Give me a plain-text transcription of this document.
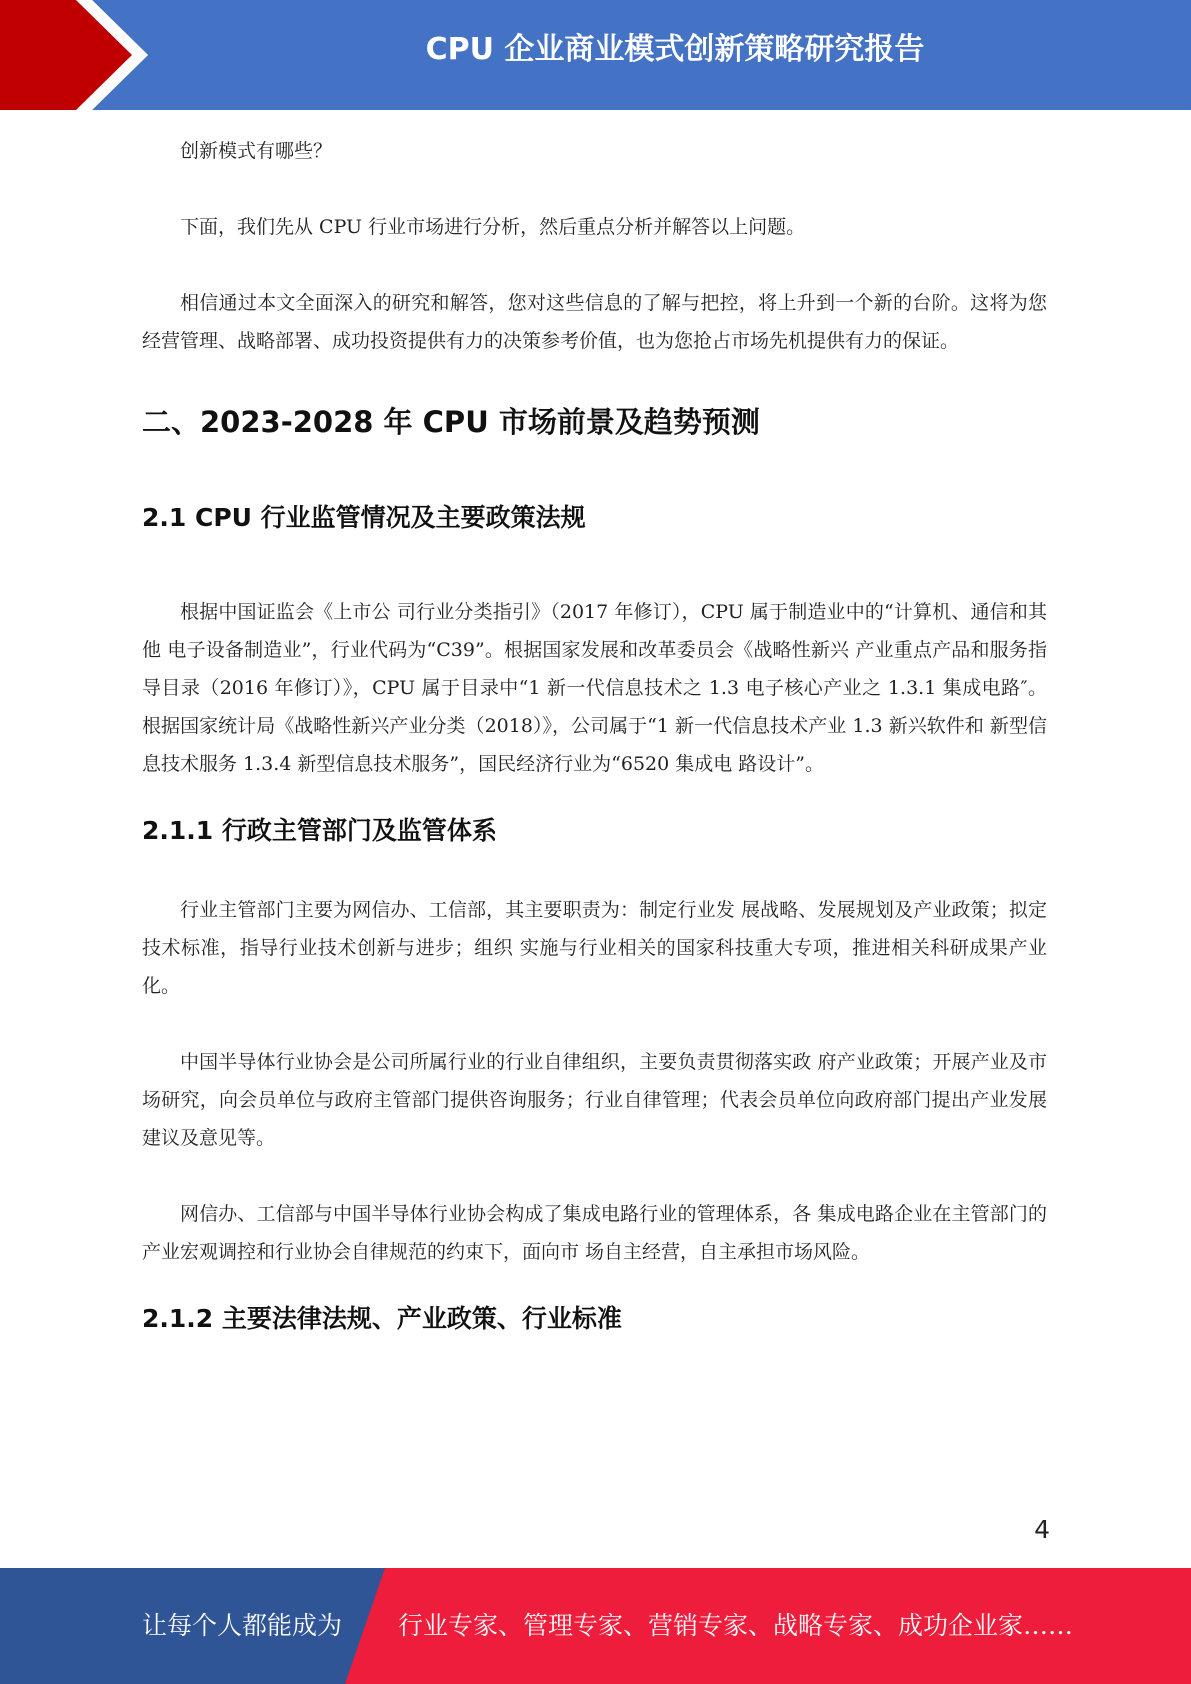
CPU 企业商业模式创新策略研究报告

创新模式有哪些？

下面，我们先从 CPU 行业市场进行分析，然后重点分析并解答以上问题。

相信通过本文全面深入的研究和解答，您对这些信息的了解与把控，将上升到一个新的台阶。这将为您经营管理、战略部署、成功投资提供有力的决策参考价值，也为您抢占市场先机提供有力的保证。

二、2023-2028 年 CPU 市场前景及趋势预测
2.1 CPU 行业监管情况及主要政策法规

根据中国证监会《上市公 司行业分类指引》（2017 年修订），CPU 属于制造业中的“计算机、通信和其他 电子设备制造业”，行业代码为“C39”。根据国家发展和改革委员会《战略性新兴 产业重点产品和服务指导目录（2016 年修订）》，CPU 属于目录中“1 新一代信息技术之 1.3 电子核心产业之 1.3.1 集成电路″。根据国家统计局《战略性新兴产业分类（2018）》，公司属于“1 新一代信息技术产业 1.3 新兴软件和 新型信息技术服务 1.3.4 新型信息技术服务”，国民经济行业为“6520 集成电 路设计”。

2.1.1 行政主管部门及监管体系

行业主管部门主要为网信办、工信部，其主要职责为：制定行业发 展战略、发展规划及产业政策；拟定技术标准，指导行业技术创新与进步；组织 实施与行业相关的国家科技重大专项，推进相关科研成果产业化。

中国半导体行业协会是公司所属行业的行业自律组织，主要负责贯彻落实政 府产业政策；开展产业及市场研究，向会员单位与政府主管部门提供咨询服务；行业自律管理；代表会员单位向政府部门提出产业发展建议及意见等。

网信办、工信部与中国半导体行业协会构成了集成电路行业的管理体系，各 集成电路企业在主管部门的产业宏观调控和行业协会自律规范的约束下，面向市 场自主经营，自主承担市场风险。

2.1.2 主要法律法规、产业政策、行业标准
4
让每个人都能成为 行业专家、管理专家、营销专家、战略专家、成功企业家……
